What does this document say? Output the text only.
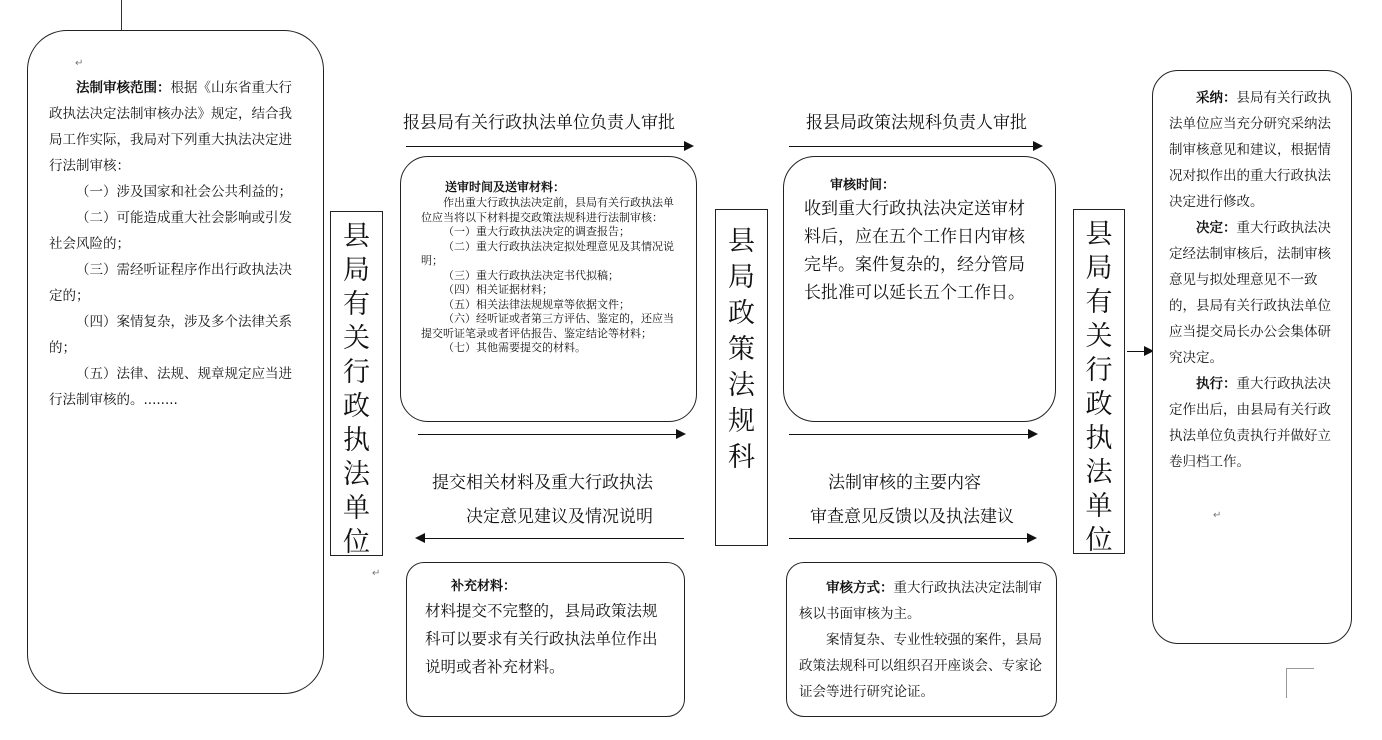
法制审核范围：根据《山东省重大行政执法决定法制审核办法》规定，结合我局工作实际，我局对下列重大执法决定进行法制审核：

（一）涉及国家和社会公共利益的；

（二）可能造成重大社会影响或引发社会风险的；

（三）需经听证程序作出行政执法决定的；

（四）案情复杂，涉及多个法律关系的；

（五）法律、法规、规章规定应当进行法制审核的。........

县
局
有
关
行
政
执
法
单
位
报县局有关行政执法单位负责人审批	报县局政策法规科负责人审批

送审时间及送审材料：

作出重大行政执法决定前，县局有关行政执法单位应当将以下材料提交政策法规科进行法制审核：

（一）重大行政执法决定的调查报告；

（二）重大行政执法决定拟处理意见及其情况说明；

（三）重大行政执法决定书代拟稿；

（四）相关证据材料；

（五）相关法律法规规章等依据文件；

（六）经听证或者第三方评估、鉴定的，还应当提交听证笔录或者评估报告、鉴定结论等材料；

（七）其他需要提交的材料。

县
局
政
策
法
规
科

审核时间：

收到重大行政执法决定送审材料后，应在五个工作日内审核完毕。案件复杂的，经分管局长批准可以延长五个工作日。

提交相关材料及重大行政执法
决定意见建议及情况说明
法制审核的主要内容
审查意见反馈以及执法建议

补充材料：

材料提交不完整的，县局政策法规科可以要求有关行政执法单位作出说明或者补充材料。

审核方式：重大行政执法决定法制审核以书面审核为主。

案情复杂、专业性较强的案件，县局政策法规科可以组织召开座谈会、专家论证会等进行研究论证。

县
局
有
关
行
政
执
法
单
位

采纳：县局有关行政执法单位应当充分研究采纳法制审核意见和建议，根据情况对拟作出的重大行政执法决定进行修改。

决定：重大行政执法决定经法制审核后，法制审核意见与拟处理意见不一致的，县局有关行政执法单位应当提交局长办公会集体研究决定。

执行：重大行政执法决定作出后，由县局有关行政执法单位负责执行并做好立卷归档工作。

↵
↵
↵
